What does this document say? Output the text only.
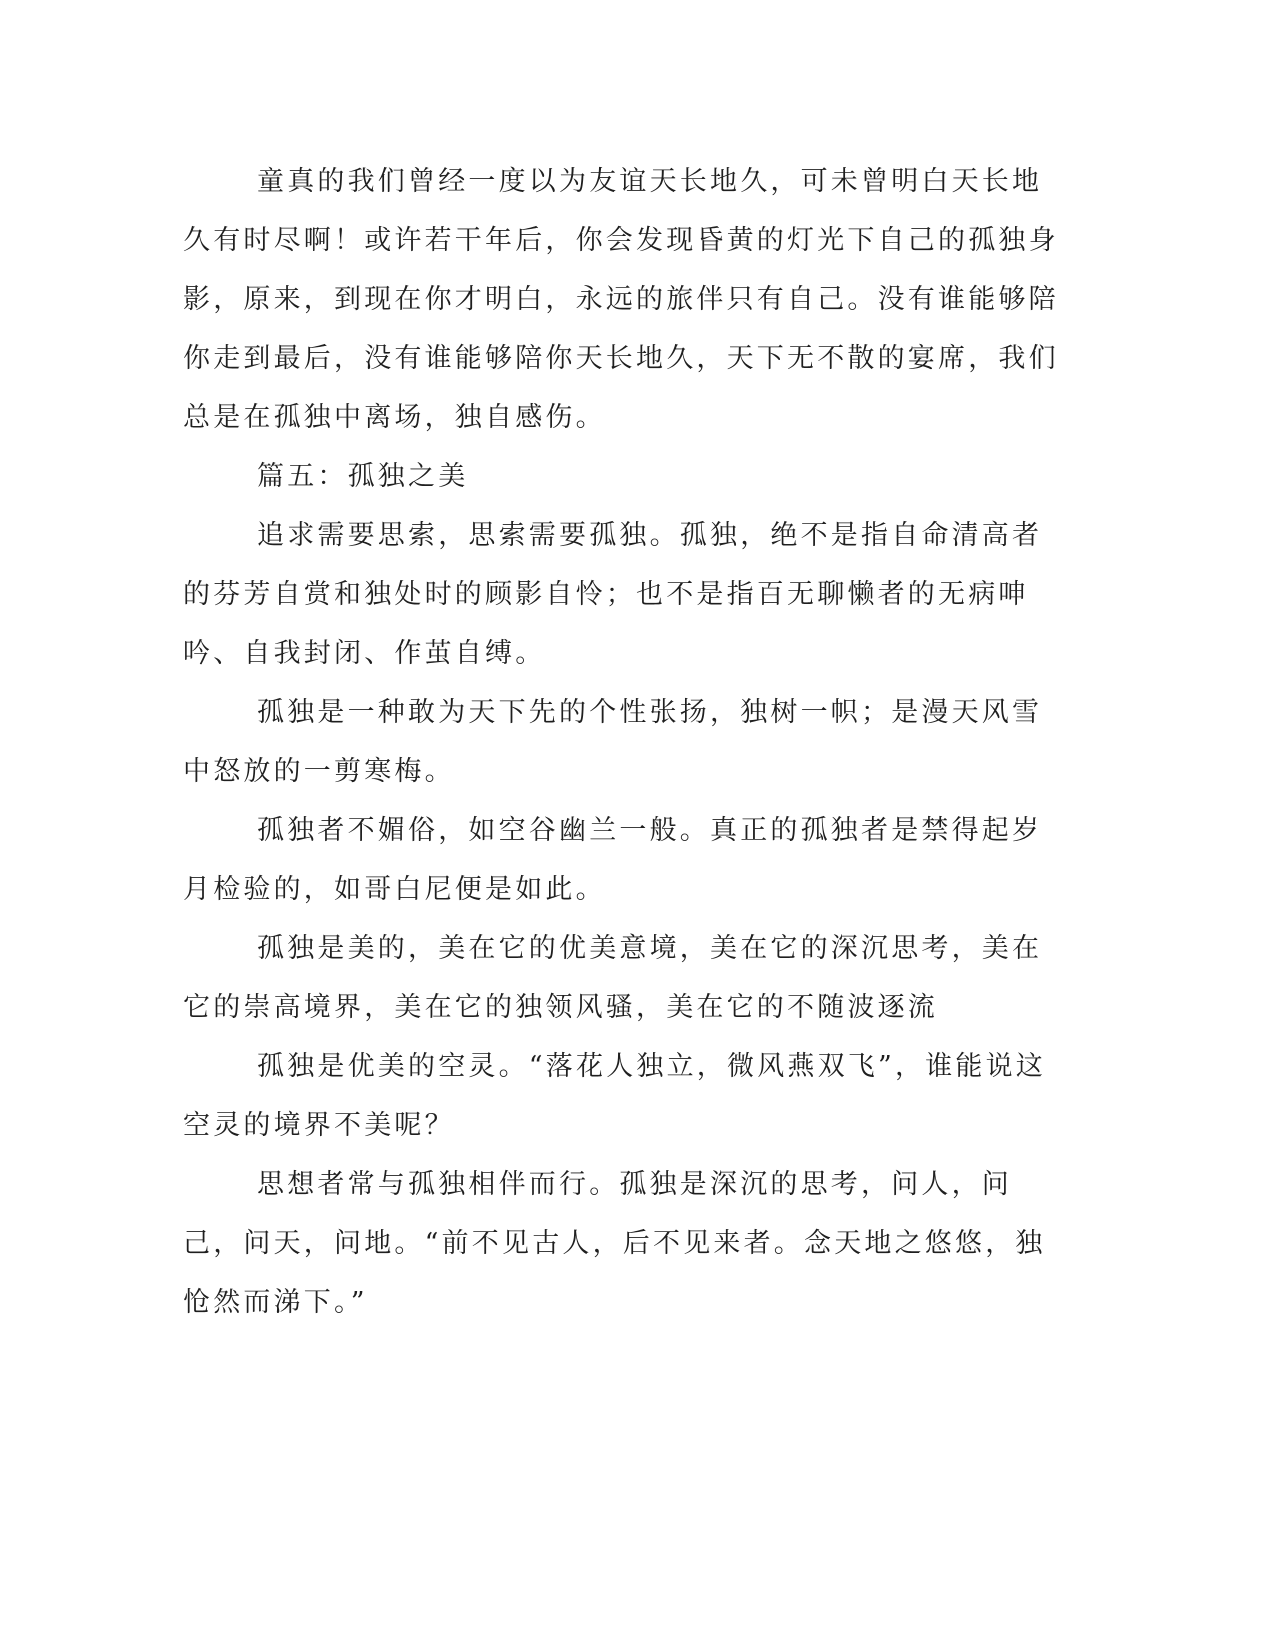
童真的我们曾经一度以为友谊天长地久，可未曾明白天长地久有时尽啊！或许若干年后，你会发现昏黄的灯光下自己的孤独身影，原来，到现在你才明白，永远的旅伴只有自己。没有谁能够陪你走到最后，没有谁能够陪你天长地久，天下无不散的宴席，我们总是在孤独中离场，独自感伤。

篇五：孤独之美

追求需要思索，思索需要孤独。孤独，绝不是指自命清高者的芬芳自赏和独处时的顾影自怜；也不是指百无聊懒者的无病呻吟、自我封闭、作茧自缚。

孤独是一种敢为天下先的个性张扬，独树一帜；是漫天风雪中怒放的一剪寒梅。

孤独者不媚俗，如空谷幽兰一般。真正的孤独者是禁得起岁月检验的，如哥白尼便是如此。

孤独是美的，美在它的优美意境，美在它的深沉思考，美在它的崇高境界，美在它的独领风骚，美在它的不随波逐流

孤独是优美的空灵。“落花人独立，微风燕双飞”，谁能说这空灵的境界不美呢？

思想者常与孤独相伴而行。孤独是深沉的思考，问人，问己，问天，问地。“前不见古人，后不见来者。念天地之悠悠，独怆然而涕下。”
